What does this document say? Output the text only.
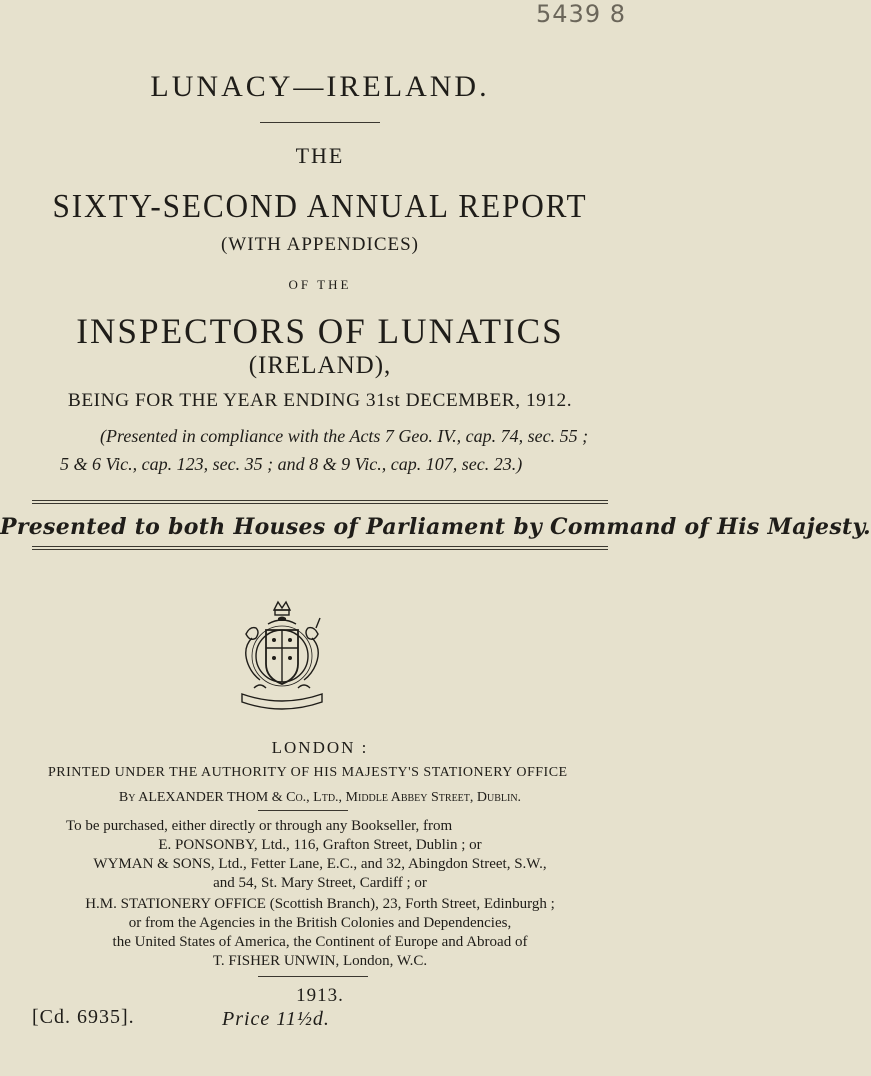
5439 8
LUNACY—IRELAND.
THE
SIXTY-SECOND ANNUAL REPORT
(WITH APPENDICES)
OF THE
INSPECTORS OF LUNATICS
(IRELAND),
BEING FOR THE YEAR ENDING 31st DECEMBER, 1912.
(Presented in compliance with the Acts 7 Geo. IV., cap. 74, sec. 55 ;
5 & 6 Vic., cap. 123, sec. 35 ; and 8 & 9 Vic., cap. 107, sec. 23.)
Presented to both Houses of Parliament by Command of His Majesty.
LONDON :
PRINTED UNDER THE AUTHORITY OF HIS MAJESTY'S STATIONERY OFFICE
By ALEXANDER THOM & Co., Ltd., Middle Abbey Street, Dublin.
To be purchased, either directly or through any Bookseller, from
E. PONSONBY, Ltd., 116, Grafton Street, Dublin ; or
WYMAN & SONS, Ltd., Fetter Lane, E.C., and 32, Abingdon Street, S.W.,
and 54, St. Mary Street, Cardiff ; or
H.M. STATIONERY OFFICE (Scottish Branch), 23, Forth Street, Edinburgh ;
or from the Agencies in the British Colonies and Dependencies,
the United States of America, the Continent of Europe and Abroad of
T. FISHER UNWIN, London, W.C.
1913.
[Cd. 6935].	Price 11½d.
